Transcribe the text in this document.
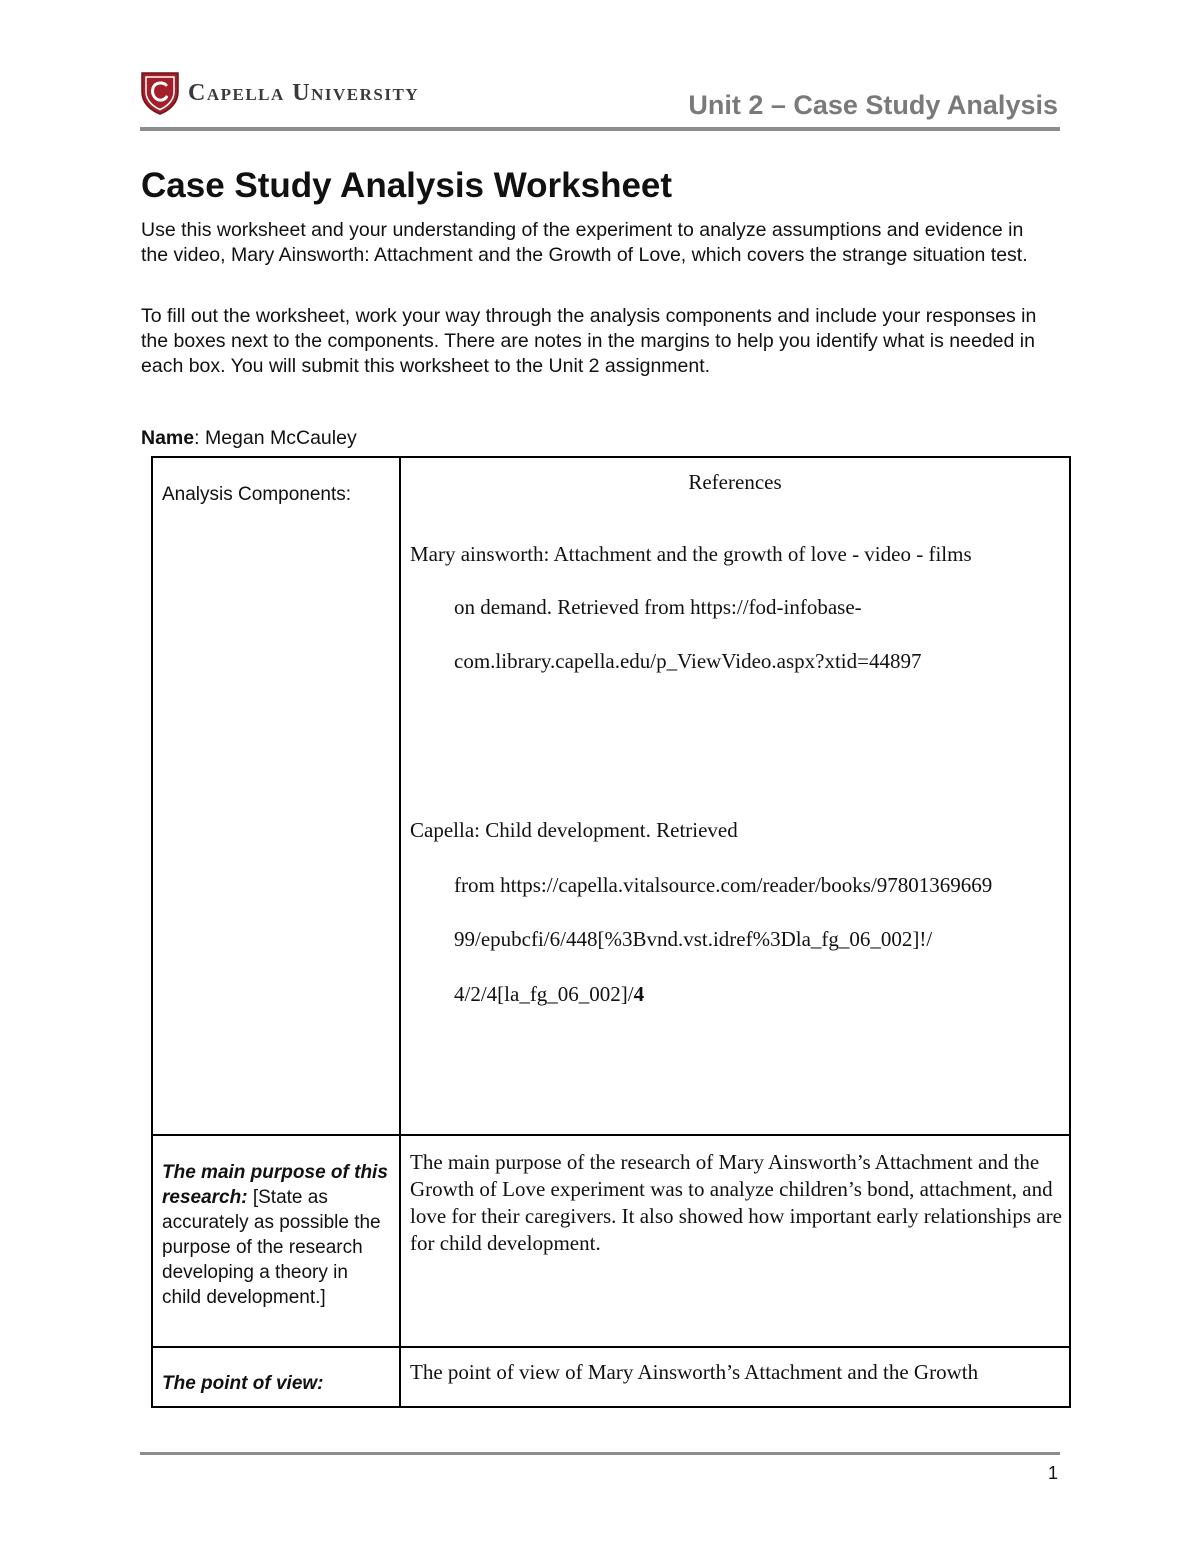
Capella University	Unit 2 – Case Study Analysis
Case Study Analysis Worksheet

Use this worksheet and your understanding of the experiment to analyze assumptions and evidence in the video, Mary Ainsworth: Attachment and the Growth of Love, which covers the strange situation test.

To fill out the worksheet, work your way through the analysis components and include your responses in the boxes next to the components. There are notes in the margins to help you identify what is needed in each box. You will submit this worksheet to the Unit 2 assignment.

Name: Megan McCauley
Analysis Components:
References
Mary ainsworth: Attachment and the growth of love - video - films
on demand. Retrieved from https://fod-infobase-
com.library.capella.edu/p_ViewVideo.aspx?xtid=44897
Capella: Child development. Retrieved
from https://capella.vitalsource.com/reader/books/97801369669
99/epubcfi/6/448[%3Bvnd.vst.idref%3Dla_fg_06_002]!/
4/2/4[la_fg_06_002]/4
The main purpose of this research: [State as accurately as possible the purpose of the research developing a theory in child development.]
The main purpose of the research of Mary Ainsworth’s Attachment and the Growth of Love experiment was to analyze children’s bond, attachment, and love for their caregivers. It also showed how important early relationships are for child development.
The point of view:	The point of view of Mary Ainsworth’s Attachment and the Growth
1
